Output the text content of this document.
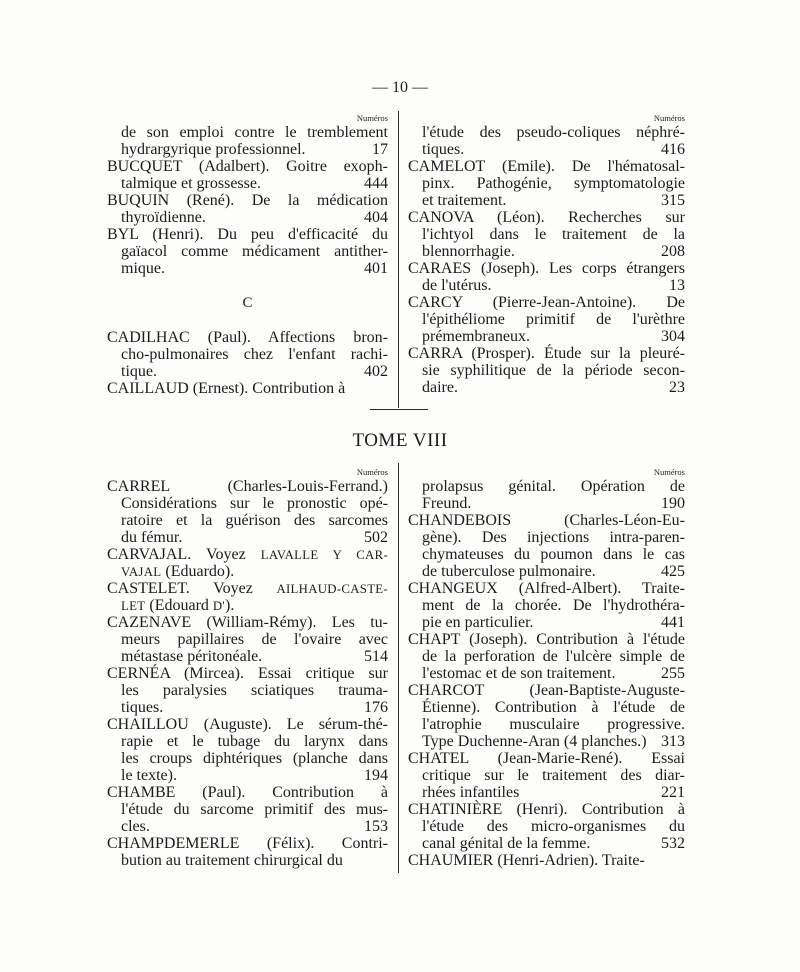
— 10 —
Numéros
de son emploi contre le tremblement
hydrargyrique professionnel.	17
BUCQUET (Adalbert). Goitre exoph-
talmique et grossesse.	444
BUQUIN (René). De la médication
thyroïdienne.	404
BYL (Henri). Du peu d'efficacité du
gaïacol comme médicament antither-
mique.	401
C
CADILHAC (Paul). Affections bron-
cho-pulmonaires chez l'enfant rachi-
tique.	402
CAILLAUD (Ernest). Contribution à
Numéros
l'étude des pseudo-coliques néphré-
tiques.	416
CAMELOT (Emile). De l'hématosal-
pinx. Pathogénie, symptomatologie
et traitement.	315
CANOVA (Léon). Recherches sur
l'ichtyol dans le traitement de la
blennorrhagie.	208
CARAES (Joseph). Les corps étrangers
de l'utérus.	13
CARCY (Pierre-Jean-Antoine). De
l'épithéliome primitif de l'urèthre
prémembraneux.	304
CARRA (Prosper). Étude sur la pleuré-
sie syphilitique de la période secon-
daire.	23
TOME VIII
Numéros
CARREL (Charles-Louis-Ferrand.)
Considérations sur le pronostic opé-
ratoire et la guérison des sarcomes
du fémur.	502
CARVAJAL. Voyez LAVALLE Y CAR-
VAJAL (Eduardo).
CASTELET. Voyez AILHAUD-CASTE-
LET (Edouard D').
CAZENAVE (William-Rémy). Les tu-
meurs papillaires de l'ovaire avec
métastase péritonéale.	514
CERNÉA (Mircea). Essai critique sur
les paralysies sciatiques trauma-
tiques.	176
CHAILLOU (Auguste). Le sérum-thé-
rapie et le tubage du larynx dans
les croups diphtériques (planche dans
le texte).	194
CHAMBE (Paul). Contribution à
l'étude du sarcome primitif des mus-
cles.	153
CHAMPDEMERLE (Félix). Contri-
bution au traitement chirurgical du
Numéros
prolapsus génital. Opération de
Freund.	190
CHANDEBOIS (Charles-Léon-Eu-
gène). Des injections intra-paren-
chymateuses du poumon dans le cas
de tuberculose pulmonaire.	425
CHANGEUX (Alfred-Albert). Traite-
ment de la chorée. De l'hydrothéra-
pie en particulier.	441
CHAPT (Joseph). Contribution à l'étude
de la perforation de l'ulcère simple de
l'estomac et de son traitement.	255
CHARCOT (Jean-Baptiste-Auguste-
Étienne). Contribution à l'étude de
l'atrophie musculaire progressive.
Type Duchenne-Aran (4 planches.) 313
CHATEL (Jean-Marie-René). Essai
critique sur le traitement des diar-
rhées infantiles	221
CHATINIÈRE (Henri). Contribution à
l'étude des micro-organismes du
canal génital de la femme.	532
CHAUMIER (Henri-Adrien). Traite-
